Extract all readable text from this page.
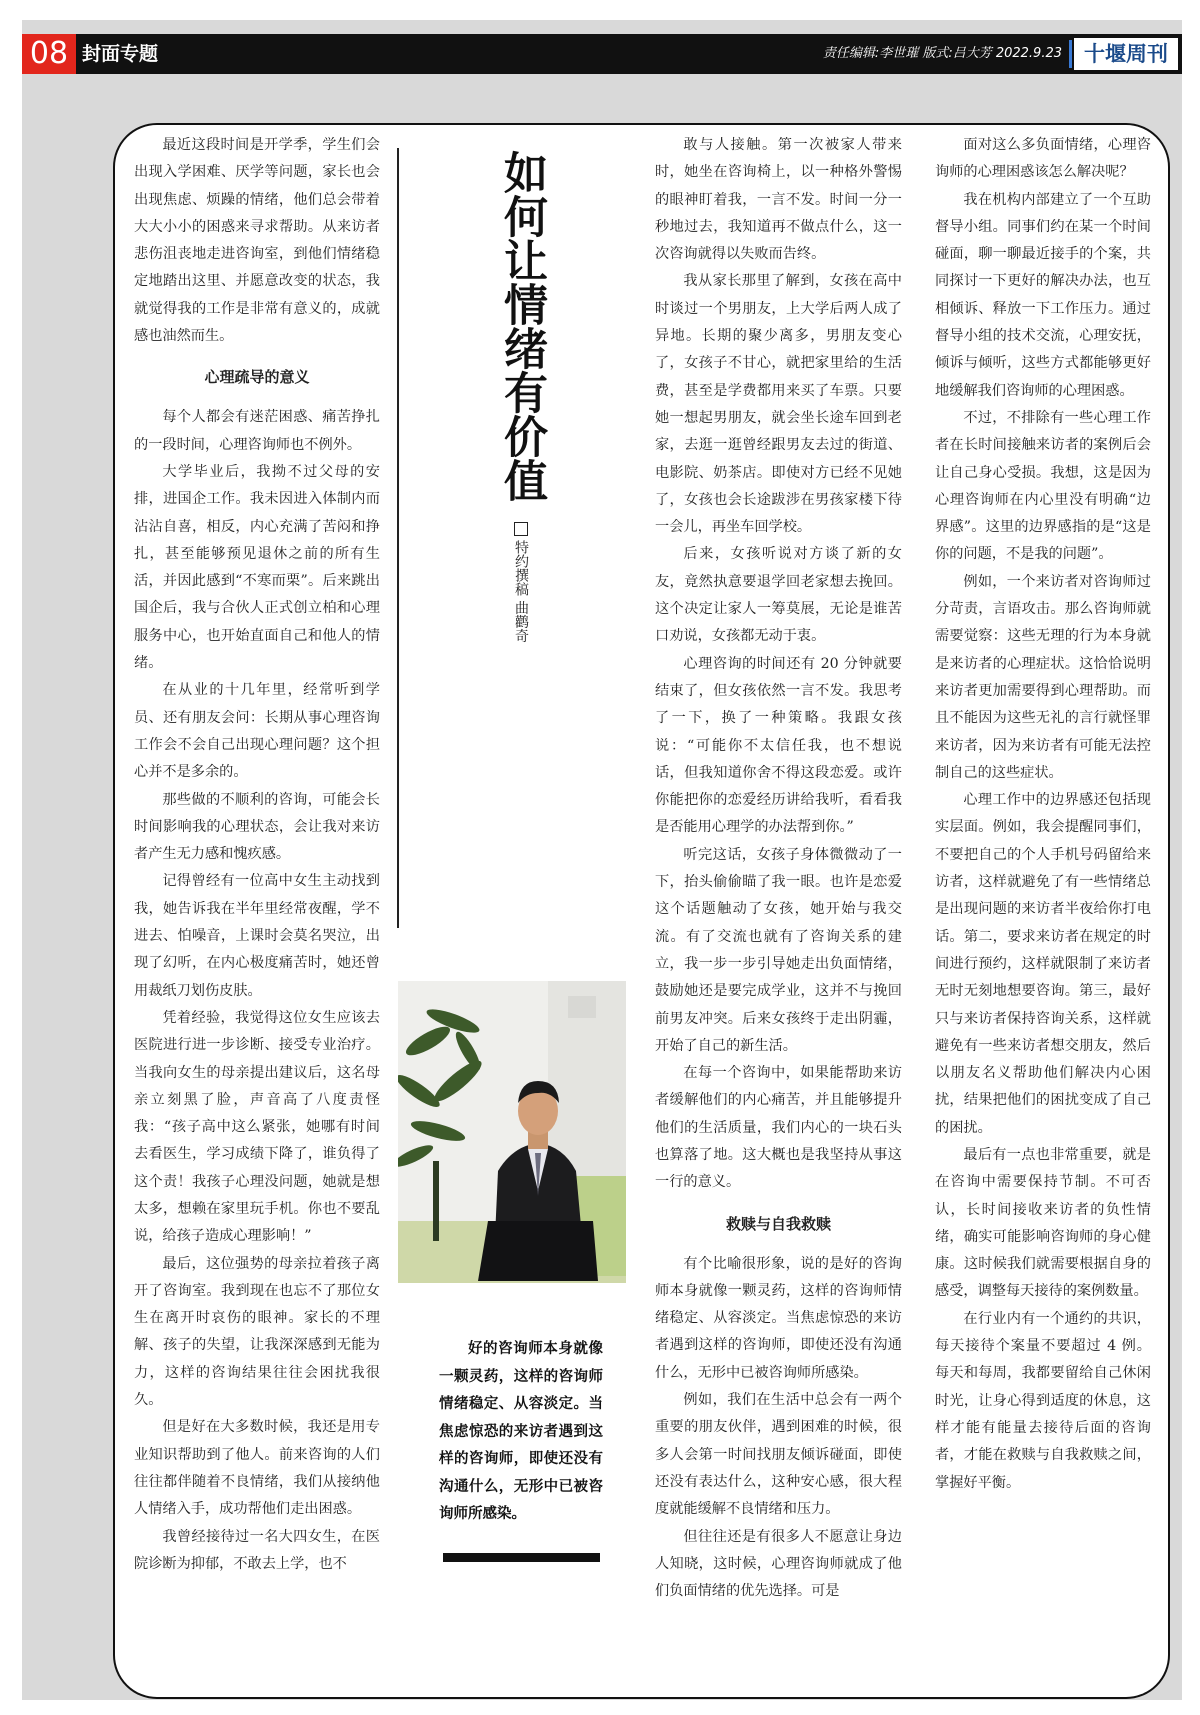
08 封面专题	责任编辑:李世璀 版式:吕大芳 2022.9.23	十堰周刊

最近这段时间是开学季，学生们会出现入学困难、厌学等问题，家长也会出现焦虑、烦躁的情绪，他们总会带着大大小小的困惑来寻求帮助。从来访者悲伤沮丧地走进咨询室，到他们情绪稳定地踏出这里、并愿意改变的状态，我就觉得我的工作是非常有意义的，成就感也油然而生。

心理疏导的意义

每个人都会有迷茫困惑、痛苦挣扎的一段时间，心理咨询师也不例外。

大学毕业后，我拗不过父母的安排，进国企工作。我未因进入体制内而沾沾自喜，相反，内心充满了苦闷和挣扎，甚至能够预见退休之前的所有生活，并因此感到“不寒而栗”。后来跳出国企后，我与合伙人正式创立柏和心理服务中心，也开始直面自己和他人的情绪。

在从业的十几年里，经常听到学员、还有朋友会问：长期从事心理咨询工作会不会自己出现心理问题？这个担心并不是多余的。

那些做的不顺利的咨询，可能会长时间影响我的心理状态，会让我对来访者产生无力感和愧疚感。

记得曾经有一位高中女生主动找到我，她告诉我在半年里经常夜醒，学不进去、怕噪音，上课时会莫名哭泣，出现了幻听，在内心极度痛苦时，她还曾用裁纸刀划伤皮肤。

凭着经验，我觉得这位女生应该去医院进行进一步诊断、接受专业治疗。当我向女生的母亲提出建议后，这名母亲立刻黑了脸，声音高了八度责怪我：“孩子高中这么紧张，她哪有时间去看医生，学习成绩下降了，谁负得了这个责！我孩子心理没问题，她就是想太多，想赖在家里玩手机。你也不要乱说，给孩子造成心理影响！”

最后，这位强势的母亲拉着孩子离开了咨询室。我到现在也忘不了那位女生在离开时哀伤的眼神。家长的不理解、孩子的失望，让我深深感到无能为力，这样的咨询结果往往会困扰我很久。

但是好在大多数时候，我还是用专业知识帮助到了他人。前来咨询的人们往往都伴随着不良情绪，我们从接纳他人情绪入手，成功帮他们走出困惑。

我曾经接待过一名大四女生，在医院诊断为抑郁，不敢去上学，也不

如何让情绪有价值
特约撰稿 曲鹳奇

好的咨询师本身就像一颗灵药，这样的咨询师情绪稳定、从容淡定。当焦虑惊恐的来访者遇到这样的咨询师，即使还没有沟通什么，无形中已被咨询师所感染。

敢与人接触。第一次被家人带来时，她坐在咨询椅上，以一种格外警惕的眼神盯着我，一言不发。时间一分一秒地过去，我知道再不做点什么，这一次咨询就得以失败而告终。

我从家长那里了解到，女孩在高中时谈过一个男朋友，上大学后两人成了异地。长期的聚少离多，男朋友变心了，女孩子不甘心，就把家里给的生活费，甚至是学费都用来买了车票。只要她一想起男朋友，就会坐长途车回到老家，去逛一逛曾经跟男友去过的街道、电影院、奶茶店。即使对方已经不见她了，女孩也会长途跋涉在男孩家楼下待一会儿，再坐车回学校。

后来，女孩听说对方谈了新的女友，竟然执意要退学回老家想去挽回。这个决定让家人一筹莫展，无论是谁苦口劝说，女孩都无动于衷。

心理咨询的时间还有 20 分钟就要结束了，但女孩依然一言不发。我思考了一下，换了一种策略。我跟女孩说：“可能你不太信任我，也不想说话，但我知道你舍不得这段恋爱。或许你能把你的恋爱经历讲给我听，看看我是否能用心理学的办法帮到你。”

听完这话，女孩子身体微微动了一下，抬头偷偷瞄了我一眼。也许是恋爱这个话题触动了女孩，她开始与我交流。有了交流也就有了咨询关系的建立，我一步一步引导她走出负面情绪，鼓励她还是要完成学业，这并不与挽回前男友冲突。后来女孩终于走出阴霾，开始了自己的新生活。

在每一个咨询中，如果能帮助来访者缓解他们的内心痛苦，并且能够提升他们的生活质量，我们内心的一块石头也算落了地。这大概也是我坚持从事这一行的意义。

救赎与自我救赎

有个比喻很形象，说的是好的咨询师本身就像一颗灵药，这样的咨询师情绪稳定、从容淡定。当焦虑惊恐的来访者遇到这样的咨询师，即使还没有沟通什么，无形中已被咨询师所感染。

例如，我们在生活中总会有一两个重要的朋友伙伴，遇到困难的时候，很多人会第一时间找朋友倾诉碰面，即使还没有表达什么，这种安心感，很大程度就能缓解不良情绪和压力。

但往往还是有很多人不愿意让身边人知晓，这时候，心理咨询师就成了他们负面情绪的优先选择。可是

面对这么多负面情绪，心理咨询师的心理困惑该怎么解决呢？

我在机构内部建立了一个互助督导小组。同事们约在某一个时间碰面，聊一聊最近接手的个案，共同探讨一下更好的解决办法，也互相倾诉、释放一下工作压力。通过督导小组的技术交流，心理安抚，倾诉与倾听，这些方式都能够更好地缓解我们咨询师的心理困惑。

不过，不排除有一些心理工作者在长时间接触来访者的案例后会让自己身心受损。我想，这是因为心理咨询师在内心里没有明确“边界感”。这里的边界感指的是“这是你的问题，不是我的问题”。

例如，一个来访者对咨询师过分苛责，言语攻击。那么咨询师就需要觉察：这些无理的行为本身就是来访者的心理症状。这恰恰说明来访者更加需要得到心理帮助。而且不能因为这些无礼的言行就怪罪来访者，因为来访者有可能无法控制自己的这些症状。

心理工作中的边界感还包括现实层面。例如，我会提醒同事们，不要把自己的个人手机号码留给来访者，这样就避免了有一些情绪总是出现问题的来访者半夜给你打电话。第二，要求来访者在规定的时间进行预约，这样就限制了来访者无时无刻地想要咨询。第三，最好只与来访者保持咨询关系，这样就避免有一些来访者想交朋友，然后以朋友名义帮助他们解决内心困扰，结果把他们的困扰变成了自己的困扰。

最后有一点也非常重要，就是在咨询中需要保持节制。不可否认，长时间接收来访者的负性情绪，确实可能影响咨询师的身心健康。这时候我们就需要根据自身的感受，调整每天接待的案例数量。

在行业内有一个通约的共识，每天接待个案量不要超过 4 例。每天和每周，我都要留给自己休闲时光，让身心得到适度的休息，这样才能有能量去接待后面的咨询者，才能在救赎与自我救赎之间，掌握好平衡。
